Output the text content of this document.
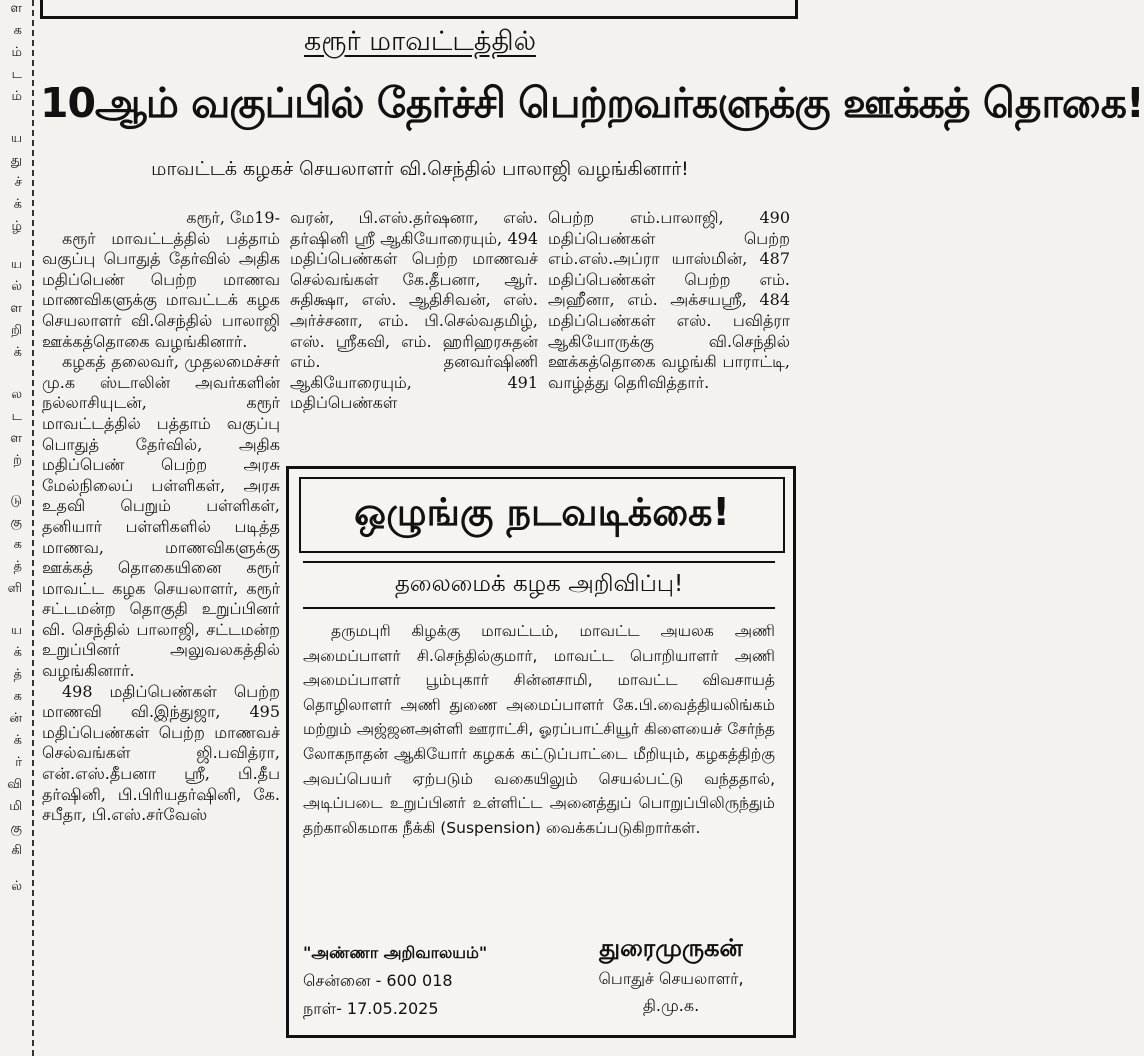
ள
க
ம்
ட
ம்
ய
து
ச்
க்
ழ்
ய
ல்
ள
றி
க்
ல
ட
ள
ற்
டு
கு
க
த்
ளி
ய
க்
த்
க
ன்
க்
ர்
வி
மி
கு
கி
ல்
கரூர் மாவட்டத்தில்
10ஆம் வகுப்பில் தேர்ச்சி பெற்றவர்களுக்கு ஊக்கத் தொகை!
மாவட்டக் கழகச் செயலாளர் வி.செந்தில் பாலாஜி வழங்கினார்!

கரூர், மே19-

கரூர் மாவட்டத்தில் பத்தாம் வகுப்பு பொதுத் தேர்வில் அதிக மதிப்பெண் பெற்ற மாணவ மாணவிகளுக்கு மாவட்டக் கழக செயலாளர் வி.செந்தில் பாலாஜி ஊக்கத்தொகை வழங்கினார்.

கழகத் தலைவர், முதலமைச்சர் மு.க ஸ்டாலின் அவர்களின் நல்லாசியுடன், கரூர் மாவட்டத்தில் பத்தாம் வகுப்பு பொதுத் தேர்வில், அதிக மதிப்பெண் பெற்ற அரசு மேல்நிலைப் பள்ளிகள், அரசு உதவி பெறும் பள்ளிகள், தனியார் பள்ளிகளில் படித்த மாணவ, மாணவிகளுக்கு ஊக்கத் தொகையினை கரூர் மாவட்ட கழக செயலாளர், கரூர் சட்டமன்ற தொகுதி உறுப்பினர் வி. செந்தில் பாலாஜி, சட்டமன்ற உறுப்பினர் அலுவலகத்தில் வழங்கினார்.

498 மதிப்பெண்கள் பெற்ற மாணவி வி.இந்துஜா, 495 மதிப்பெண்கள் பெற்ற மாணவச் செல்வங்கள் ஜி.பவித்ரா, என்.எஸ்.தீபனா ஸ்ரீ, பி.தீப தர்ஷினி, பி.பிரியதர்ஷினி, கே. சபீதா, பி.எஸ்.சர்வேஸ்

வரன், பி.எஸ்.தர்ஷனா, எஸ். தர்ஷினி ஸ்ரீ ஆகியோரையும், 494 மதிப்பெண்கள் பெற்ற மாணவச் செல்வங்கள் கே.தீபனா, ஆர். சுதிக்ஷா, எஸ். ஆதிசிவன், எஸ். அர்ச்சனா, எம். பி.செல்வதமிழ், எஸ். ஸ்ரீகவி, எம். ஹரிஹரசுதன் எம். தனவர்ஷிணி ஆகியோரையும், 491 மதிப்பெண்கள்

பெற்ற எம்.பாலாஜி, 490 மதிப்பெண்கள் பெற்ற எம்.எஸ்.அப்ரா யாஸ்மின், 487 மதிப்பெண்கள் பெற்ற எம். அஹீனா, எம். அக்சயஸ்ரீ, 484 மதிப்பெண்கள் எஸ். பவித்ரா ஆகியோருக்கு வி.செந்தில் ஊக்கத்தொகை வழங்கி பாராட்டி, வாழ்த்து தெரிவித்தார்.

ஒழுங்கு நடவடிக்கை!
தலைமைக் கழக அறிவிப்பு!

தருமபுரி கிழக்கு மாவட்டம், மாவட்ட அயலக அணி அமைப்பாளர் சி.செந்தில்குமார், மாவட்ட பொறியாளர் அணி அமைப்பாளர் பூம்புகார் சின்னசாமி, மாவட்ட விவசாயத் தொழிலாளர் அணி துணை அமைப்பாளர் கே.பி.வைத்தியலிங்கம் மற்றும் அஜ்ஜனஅள்ளி ஊராட்சி, ஓரப்பாட்சியூர் கிளையைச் சேர்ந்த லோகநாதன் ஆகியோர் கழகக் கட்டுப்பாட்டை மீறியும், கழகத்திற்கு அவப்பெயர் ஏற்படும் வகையிலும் செயல்பட்டு வந்ததால், அடிப்படை உறுப்பினர் உள்ளிட்ட அனைத்துப் பொறுப்பிலிருந்தும் தற்காலிகமாக நீக்கி (Suspension) வைக்கப்படுகிறார்கள்.

"அண்ணா அறிவாலயம்"
சென்னை - 600 018
நாள்- 17.05.2025
துரைமுருகன்
பொதுச் செயலாளர்,
தி.மு.க.
